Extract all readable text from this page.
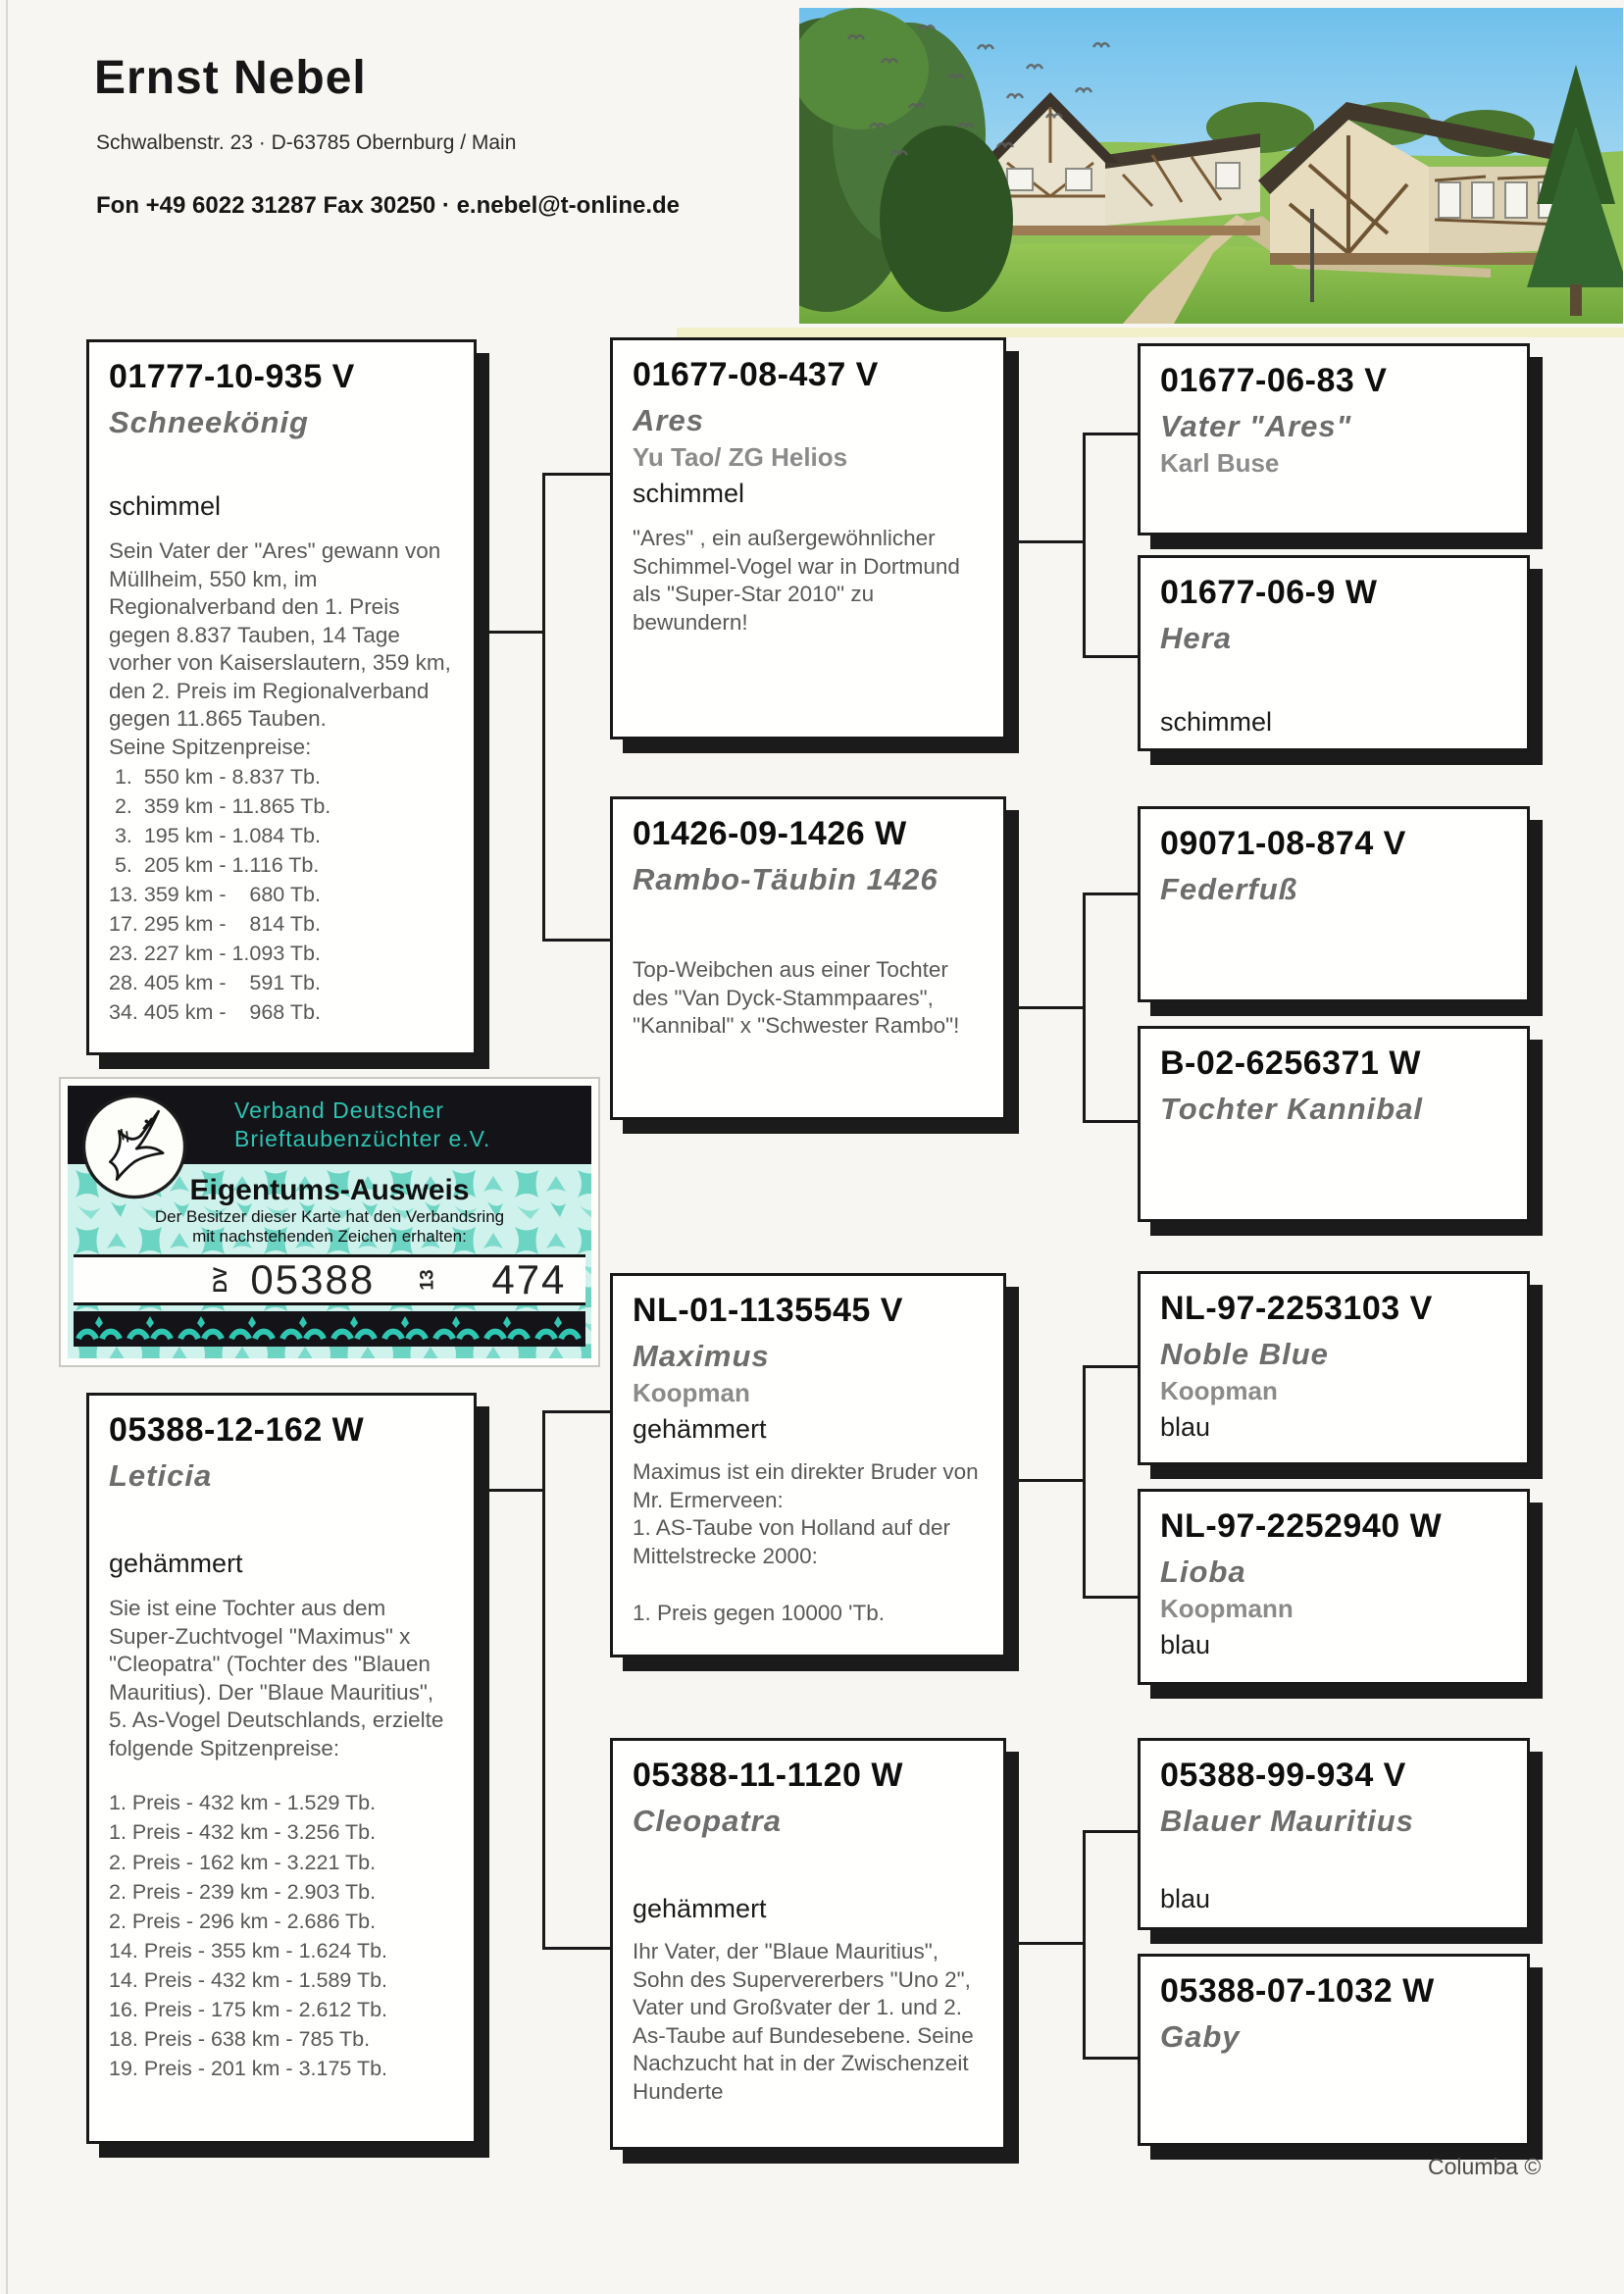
Ernst Nebel
Schwalbenstr. 23 · D-63785 Obernburg / Main
Fon +49 6022 31287 Fax 30250 · e.nebel@t-online.de
01777-10-935 V
Schneekönig
schimmel
Sein Vater der "Ares" gewann von Müllheim, 550 km, im Regionalverband den 1. Preis gegen 8.837 Tauben, 14 Tage vorher von Kaiserslautern, 359 km, den 2. Preis im Regionalverband gegen 11.865 Tauben.
Seine Spitzenpreise:
1.  550 km - 8.837 Tb.
2.  359 km - 11.865 Tb.
3.  195 km - 1.084 Tb.
5.  205 km - 1.116 Tb.
13. 359 km -    680 Tb.
17. 295 km -    814 Tb.
23. 227 km - 1.093 Tb.
28. 405 km -    591 Tb.
34. 405 km -    968 Tb.
05388-12-162 W
Leticia
gehämmert
Sie ist eine Tochter aus dem Super-Zuchtvogel "Maximus" x "Cleopatra" (Tochter des "Blauen Mauritius). Der "Blaue Mauritius", 5. As-Vogel Deutschlands, erzielte folgende Spitzenpreise:
1. Preis - 432 km - 1.529 Tb.
1. Preis - 432 km - 3.256 Tb.
2. Preis - 162 km - 3.221 Tb.
2. Preis - 239 km - 2.903 Tb.
2. Preis - 296 km - 2.686 Tb.
14. Preis - 355 km - 1.624 Tb.
14. Preis - 432 km - 1.589 Tb.
16. Preis - 175 km - 2.612 Tb.
18. Preis - 638 km - 785 Tb.
19. Preis - 201 km - 3.175 Tb.
01677-08-437 V
Ares
Yu Tao/ ZG Helios
schimmel
"Ares" , ein außergewöhnlicher Schimmel-Vogel war in Dortmund als "Super-Star 2010" zu bewundern!
01426-09-1426 W
Rambo-Täubin 1426
Top-Weibchen aus einer Tochter des "Van Dyck-Stammpaares", "Kannibal" x "Schwester Rambo"!
NL-01-1135545 V
Maximus
Koopman
gehämmert
Maximus ist ein direkter Bruder von Mr. Ermerveen:
1. AS-Taube von Holland auf der Mittelstrecke 2000:
1. Preis gegen 10000 'Tb.
05388-11-1120 W
Cleopatra
gehämmert
Ihr Vater, der "Blaue Mauritius", Sohn des Supervererbers "Uno 2", Vater und Großvater der 1. und 2. As-Taube auf Bundesebene. Seine Nachzucht hat in der Zwischenzeit Hunderte
01677-06-83 V
Vater "Ares"
Karl Buse
01677-06-9 W
Hera
schimmel
09071-08-874 V
Federfuß
B-02-6256371 W
Tochter Kannibal
NL-97-2253103 V
Noble Blue
Koopman
blau
NL-97-2252940 W
Lioba
Koopmann
blau
05388-99-934 V
Blauer Mauritius
blau
05388-07-1032 W
Gaby
Verband Deutscher
Brieftaubenzüchter e.V.
Eigentums-Ausweis
Der Besitzer dieser Karte hat den Verbandsring
mit nachstehenden Zeichen erhalten:
DV 05388 13 474
Columba ©
